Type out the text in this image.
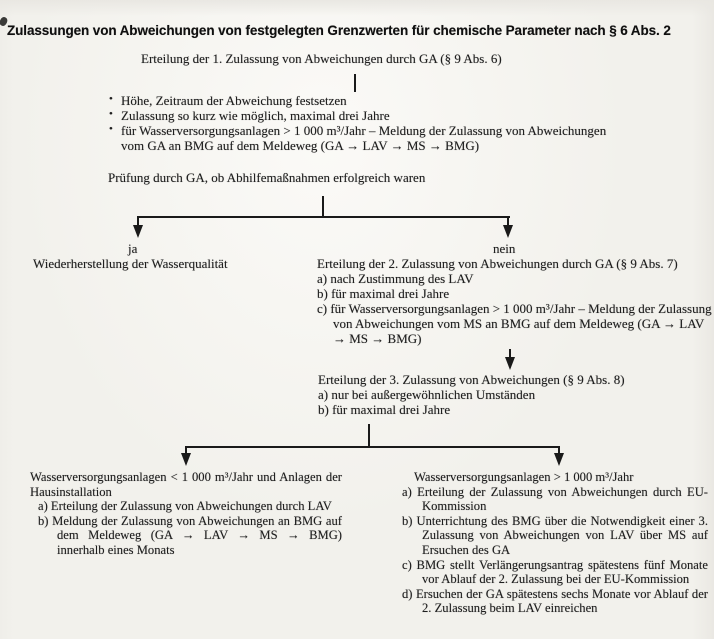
Zulassungen von Abweichungen von festgelegten Grenzwerten für chemische Parameter nach § 6 Abs. 2
Erteilung der 1. Zulassung von Abweichungen durch GA (§ 9 Abs. 6)
• Höhe, Zeitraum der Abweichung festsetzen
• Zulassung so kurz wie möglich, maximal drei Jahre
• für Wasserversorgungsanlagen > 1 000 m³/Jahr – Meldung der Zulassung von Abweichungen vom GA an BMG auf dem Meldeweg (GA → LAV → MS → BMG)
Prüfung durch GA, ob Abhilfemaßnahmen erfolgreich waren
ja
Wiederherstellung der Wasserqualität
nein
Erteilung der 2. Zulassung von Abweichungen durch GA (§ 9 Abs. 7)
a) nach Zustimmung des LAV
b) für maximal drei Jahre
c) für Wasserversorgungsanlagen > 1 000 m³/Jahr – Meldung der Zulassung von Abweichungen vom MS an BMG auf dem Meldeweg (GA → LAV → MS → BMG)
Erteilung der 3. Zulassung von Abweichungen (§ 9 Abs. 8)
a) nur bei außergewöhnlichen Umständen
b) für maximal drei Jahre
Wasserversorgungsanlagen < 1 000 m³/Jahr und Anlagen der Hausinstallation
a) Erteilung der Zulassung von Abweichungen durch LAV
b) Meldung der Zulassung von Abweichungen an BMG auf dem Meldeweg (GA → LAV → MS → BMG) innerhalb eines Monats
Wasserversorgungsanlagen > 1 000 m³/Jahr
a) Erteilung der Zulassung von Abweichungen durch EU-Kommission
b) Unterrichtung des BMG über die Notwendigkeit einer 3. Zulassung von Abweichungen von LAV über MS auf Ersuchen des GA
c) BMG stellt Verlängerungsantrag spätestens fünf Monate vor Ablauf der 2. Zulassung bei der EU-Kommission
d) Ersuchen der GA spätestens sechs Monate vor Ablauf der 2. Zulassung beim LAV einreichen
